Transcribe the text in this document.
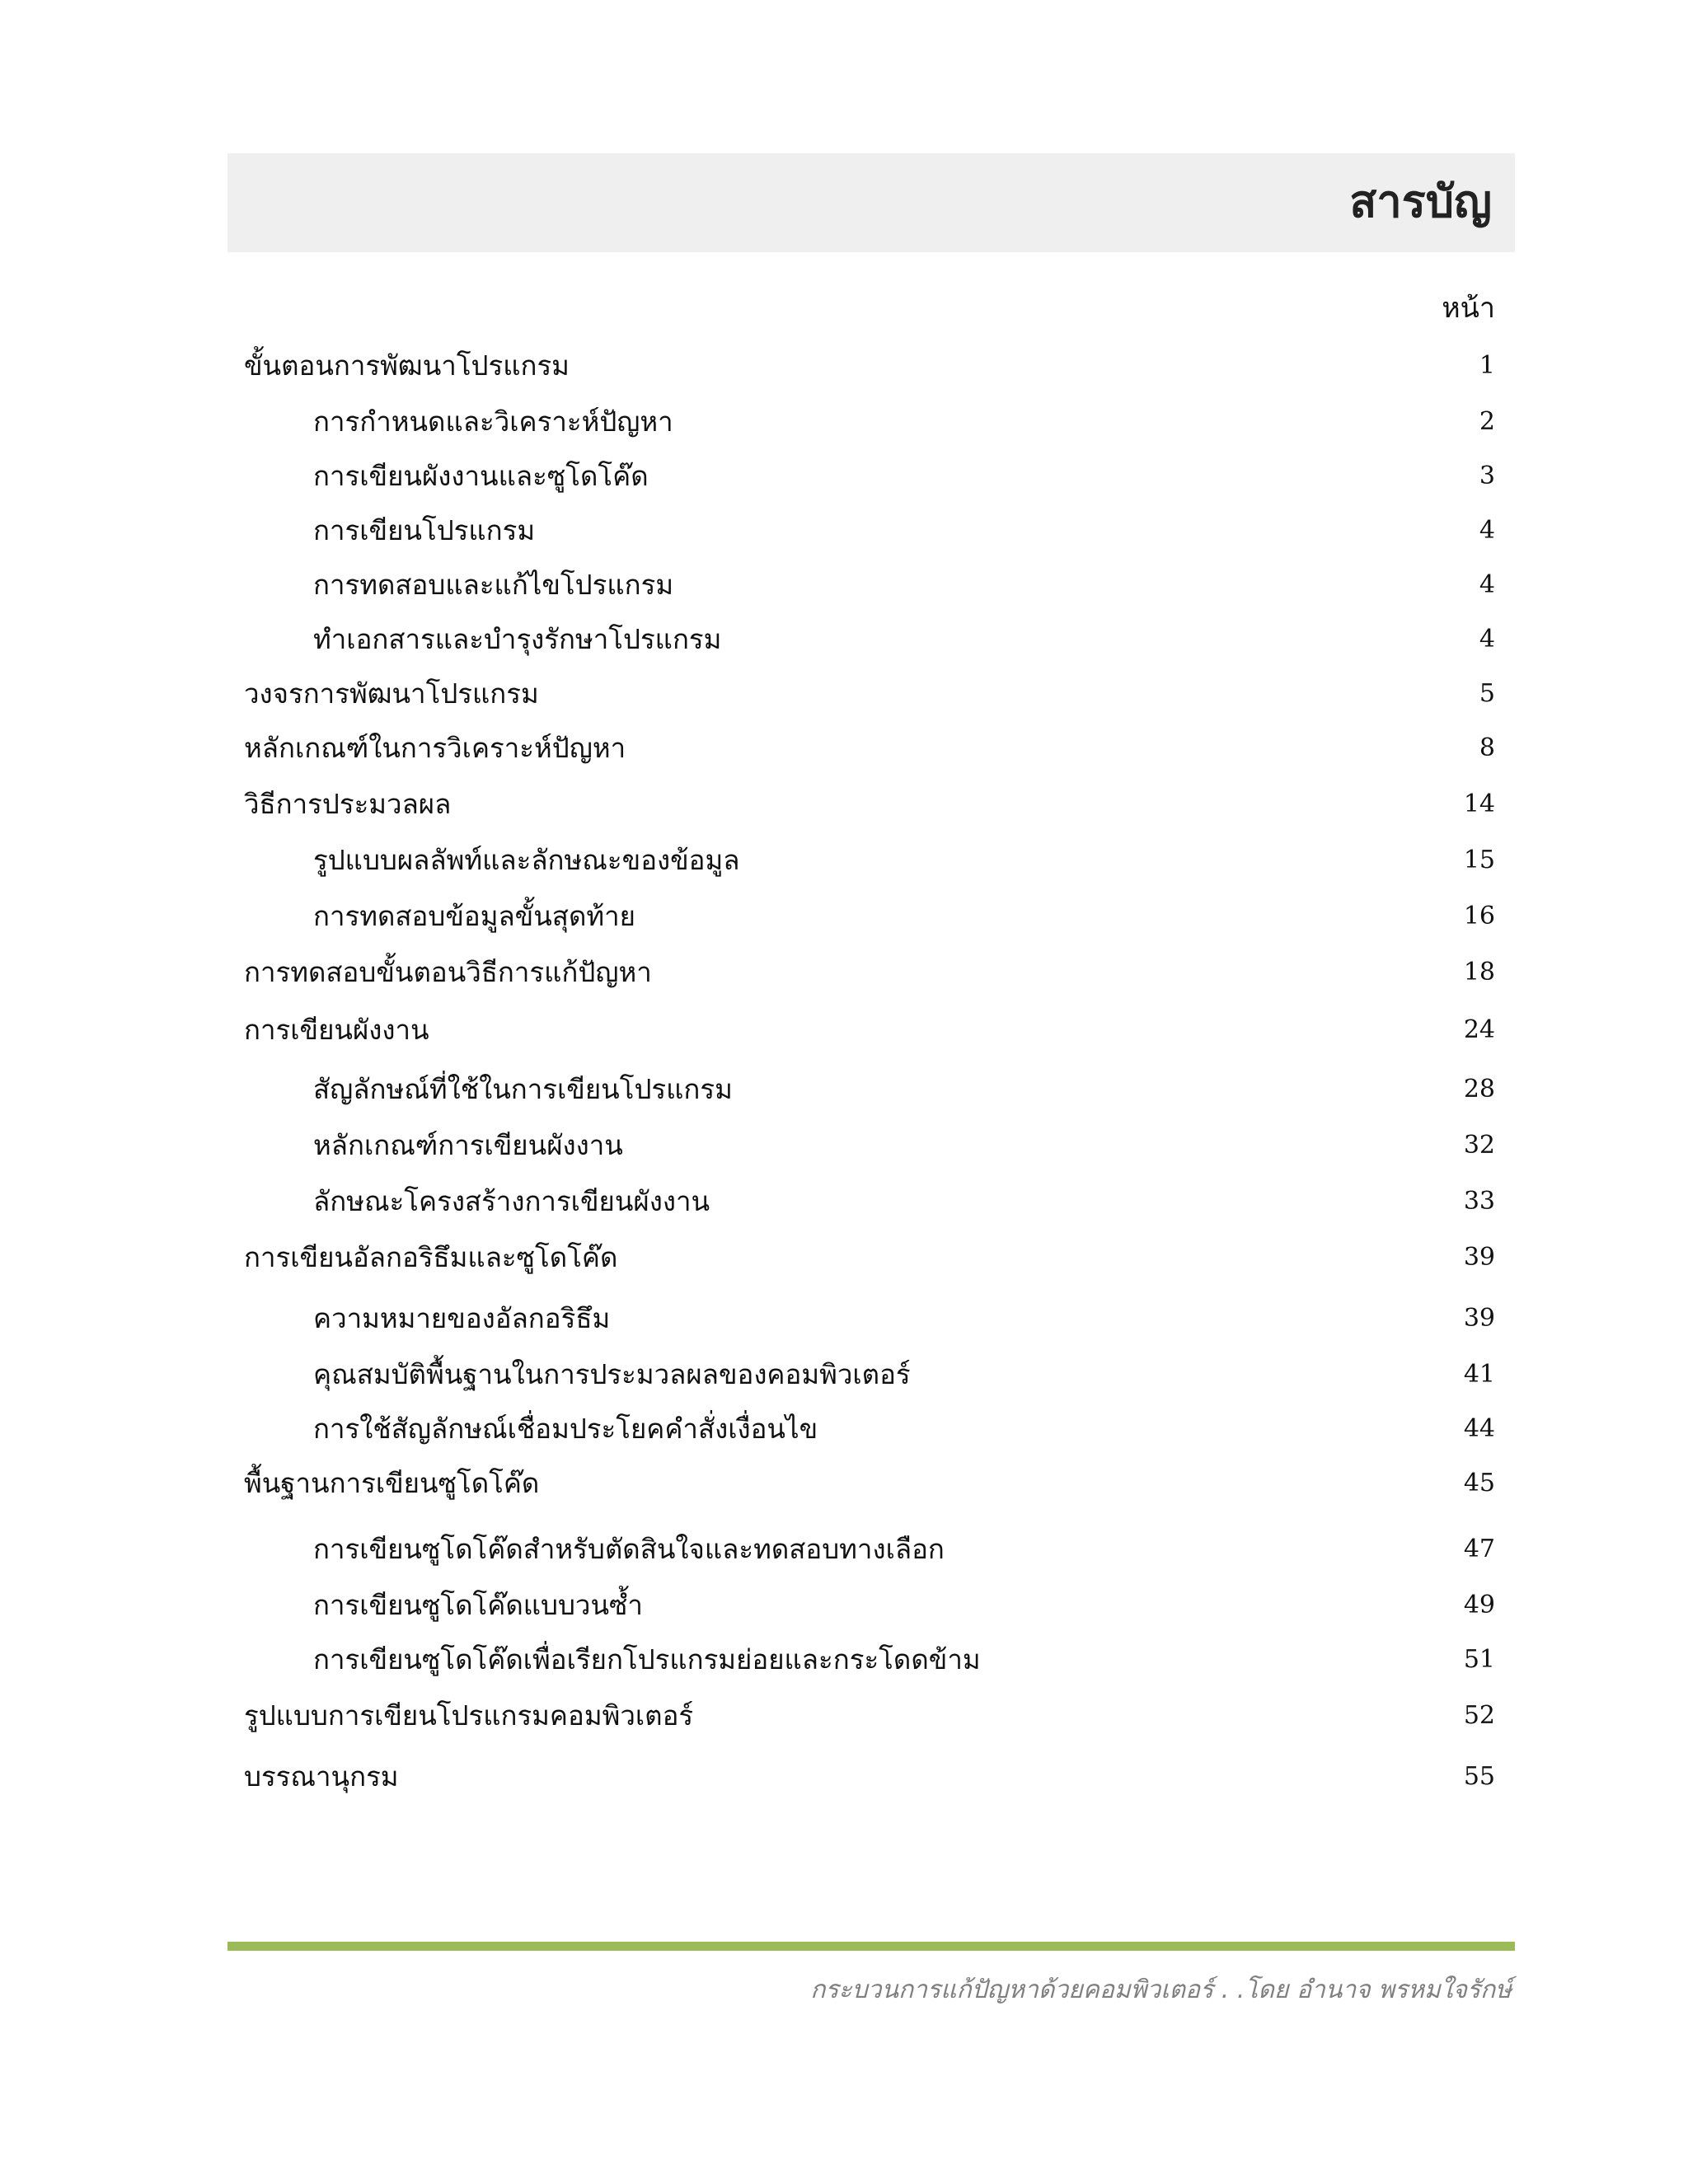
สารบัญ
หน้า
ขั้นตอนการพัฒนาโปรแกรม	1
การกำหนดและวิเคราะห์ปัญหา	2
การเขียนผังงานและซูโดโค๊ด	3
การเขียนโปรแกรม	4
การทดสอบและแก้ไขโปรแกรม	4
ทำเอกสารและบำรุงรักษาโปรแกรม	4
วงจรการพัฒนาโปรแกรม	5
หลักเกณฑ์ในการวิเคราะห์ปัญหา	8
วิธีการประมวลผล	14
รูปแบบผลลัพท์และลักษณะของข้อมูล	15
การทดสอบข้อมูลขั้นสุดท้าย	16
การทดสอบขั้นตอนวิธีการแก้ปัญหา	18
การเขียนผังงาน	24
สัญลักษณ์ที่ใช้ในการเขียนโปรแกรม	28
หลักเกณฑ์การเขียนผังงาน	32
ลักษณะโครงสร้างการเขียนผังงาน	33
การเขียนอัลกอริธึมและซูโดโค๊ด	39
ความหมายของอัลกอริธึม	39
คุณสมบัติพื้นฐานในการประมวลผลของคอมพิวเตอร์	41
การใช้สัญลักษณ์เชื่อมประโยคคำสั่งเงื่อนไข	44
พื้นฐานการเขียนซูโดโค๊ด	45
การเขียนซูโดโค๊ดสำหรับตัดสินใจและทดสอบทางเลือก	47
การเขียนซูโดโค๊ดแบบวนซ้ำ	49
การเขียนซูโดโค๊ดเพื่อเรียกโปรแกรมย่อยและกระโดดข้าม	51
รูปแบบการเขียนโปรแกรมคอมพิวเตอร์	52
บรรณานุกรม	55
กระบวนการแก้ปัญหาด้วยคอมพิวเตอร์ . .โดย อำนาจ พรหมใจรักษ์
